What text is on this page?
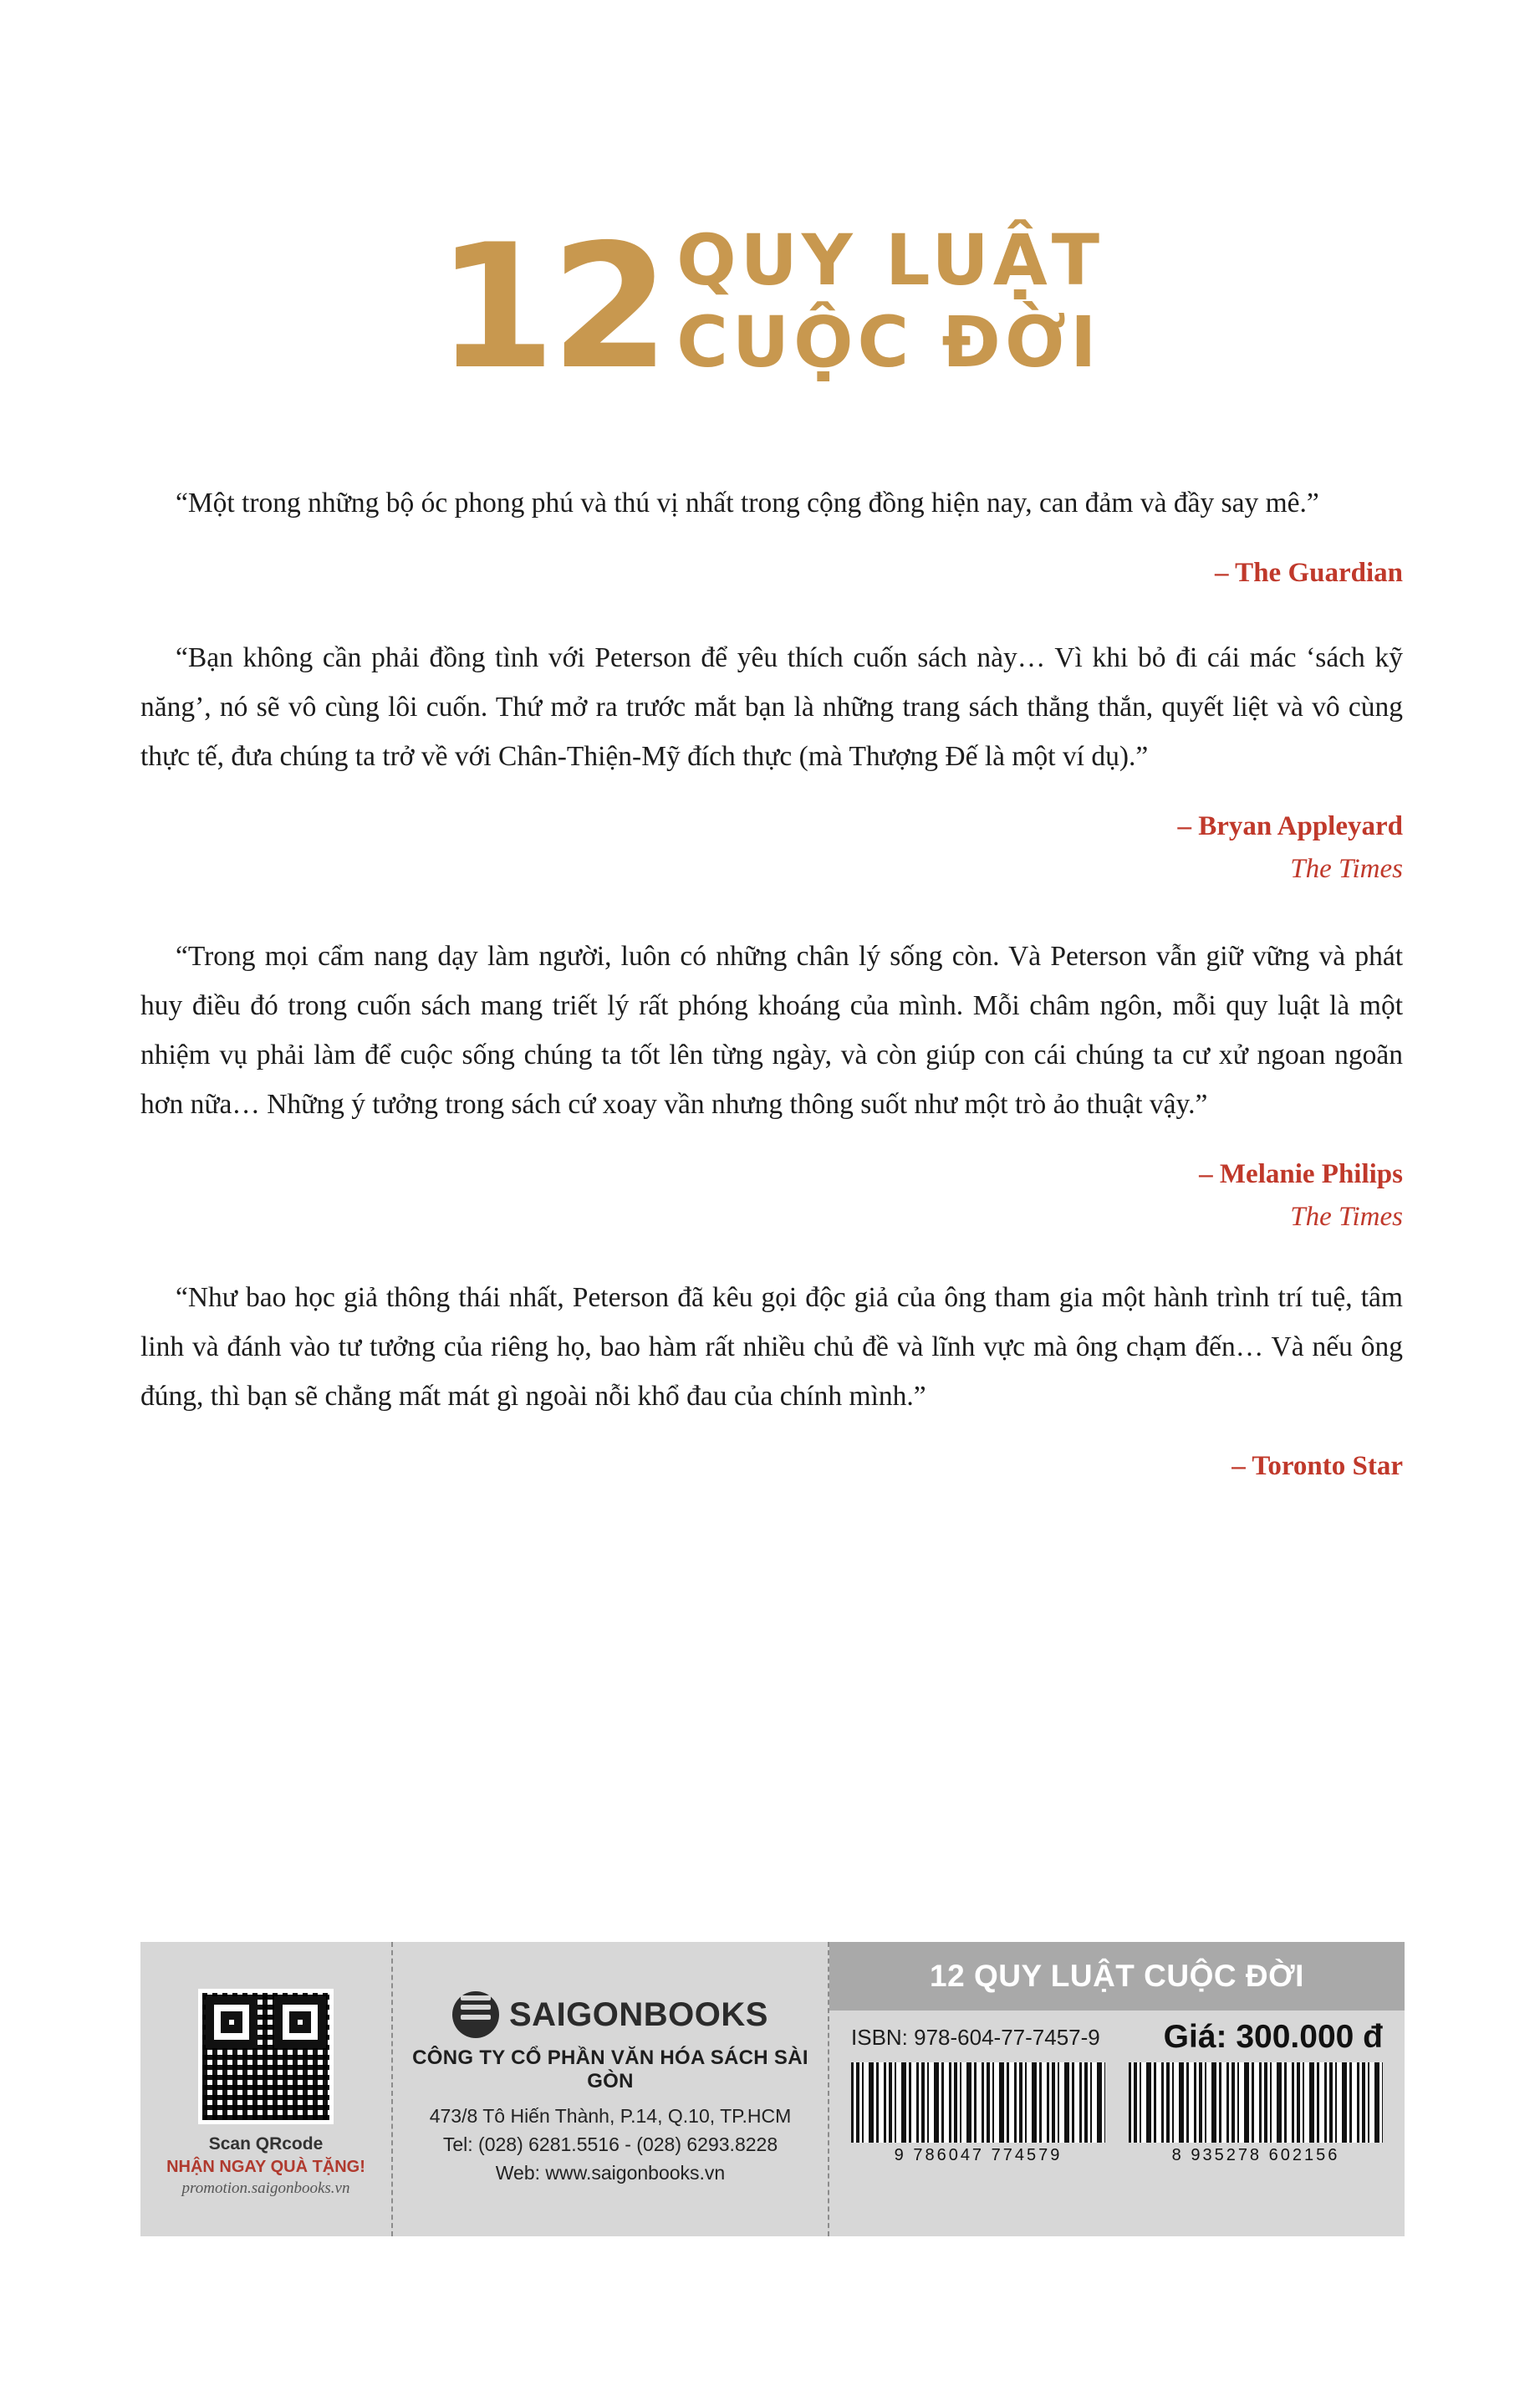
12 QUY LUẬT
CUỘC ĐỜI

“Một trong những bộ óc phong phú và thú vị nhất trong cộng đồng hiện nay, can đảm và đầy say mê.”

– The Guardian

“Bạn không cần phải đồng tình với Peterson để yêu thích cuốn sách này… Vì khi bỏ đi cái mác ‘sách kỹ năng’, nó sẽ vô cùng lôi cuốn. Thứ mở ra trước mắt bạn là những trang sách thẳng thắn, quyết liệt và vô cùng thực tế, đưa chúng ta trở về với Chân-Thiện-Mỹ đích thực (mà Thượng Đế là một ví dụ).”

– Bryan Appleyard
The Times

“Trong mọi cẩm nang dạy làm người, luôn có những chân lý sống còn. Và Peterson vẫn giữ vững và phát huy điều đó trong cuốn sách mang triết lý rất phóng khoáng của mình. Mỗi châm ngôn, mỗi quy luật là một nhiệm vụ phải làm để cuộc sống chúng ta tốt lên từng ngày, và còn giúp con cái chúng ta cư xử ngoan ngoãn hơn nữa… Những ý tưởng trong sách cứ xoay vần nhưng thông suốt như một trò ảo thuật vậy.”

– Melanie Philips
The Times

“Như bao học giả thông thái nhất, Peterson đã kêu gọi độc giả của ông tham gia một hành trình trí tuệ, tâm linh và đánh vào tư tưởng của riêng họ, bao hàm rất nhiều chủ đề và lĩnh vực mà ông chạm đến… Và nếu ông đúng, thì bạn sẽ chẳng mất mát gì ngoài nỗi khổ đau của chính mình.”

– Toronto Star
Scan QRcode
NHẬN NGAY QUÀ TẶNG!
promotion.saigonbooks.vn
SAIGONBOOKS
CÔNG TY CỔ PHẦN VĂN HÓA SÁCH SÀI GÒN
473/8 Tô Hiến Thành, P.14, Q.10, TP.HCM
Tel: (028) 6281.5516 - (028) 6293.8228
Web: www.saigonbooks.vn
12 QUY LUẬT CUỘC ĐỜI
ISBN: 978-604-77-7457-9 Giá: 300.000 đ
9 786047 774579	8 935278 602156
